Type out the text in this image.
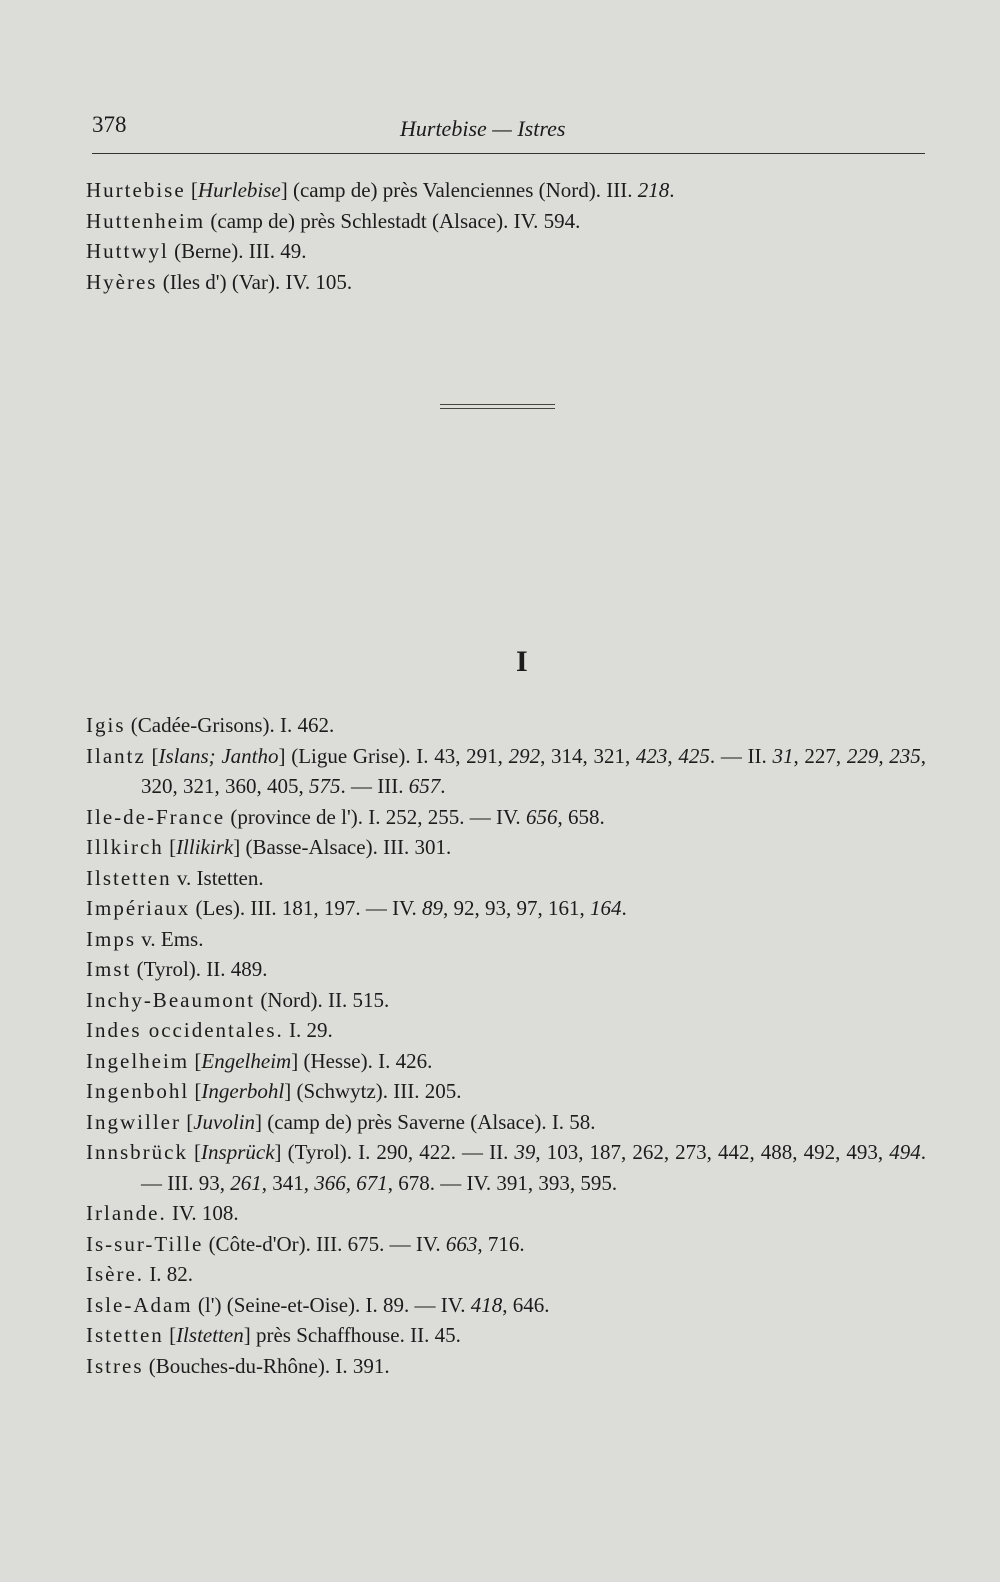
378	Hurtebise — Istres

Hurtebise [Hurlebise] (camp de) près Valenciennes (Nord). III. 218.

Huttenheim (camp de) près Schlestadt (Alsace). IV. 594.

Huttwyl (Berne). III. 49.

Hyères (Iles d') (Var). IV. 105.

I

Igis (Cadée-Grisons). I. 462.

Ilantz [Islans; Jantho] (Ligue Grise). I. 43, 291, 292, 314, 321, 423, 425. — II. 31, 227, 229, 235, 320, 321, 360, 405, 575. — III. 657.

Ile-de-France (province de l'). I. 252, 255. — IV. 656, 658.

Illkirch [Illikirk] (Basse-Alsace). III. 301.

Ilstetten v. Istetten.

Impériaux (Les). III. 181, 197. — IV. 89, 92, 93, 97, 161, 164.

Imps v. Ems.

Imst (Tyrol). II. 489.

Inchy-Beaumont (Nord). II. 515.

Indes occidentales. I. 29.

Ingelheim [Engelheim] (Hesse). I. 426.

Ingenbohl [Ingerbohl] (Schwytz). III. 205.

Ingwiller [Juvolin] (camp de) près Saverne (Alsace). I. 58.

Innsbrück [Insprück] (Tyrol). I. 290, 422. — II. 39, 103, 187, 262, 273, 442, 488, 492, 493, 494. — III. 93, 261, 341, 366, 671, 678. — IV. 391, 393, 595.

Irlande. IV. 108.

Is-sur-Tille (Côte-d'Or). III. 675. — IV. 663, 716.

Isère. I. 82.

Isle-Adam (l') (Seine-et-Oise). I. 89. — IV. 418, 646.

Istetten [Ilstetten] près Schaffhouse. II. 45.

Istres (Bouches-du-Rhône). I. 391.
